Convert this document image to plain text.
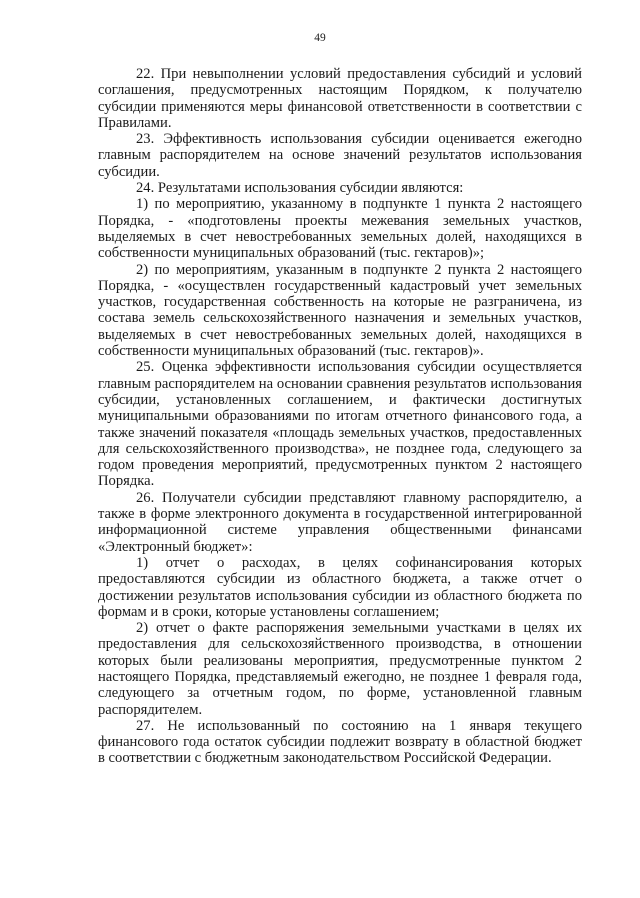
49

22. При невыполнении условий предоставления субсидий и условий соглашения, предусмотренных настоящим Порядком, к получателю субсидии применяются меры финансовой ответственности в соответствии с Правилами.

23. Эффективность использования субсидии оценивается ежегодно главным распорядителем на основе значений результатов использования субсидии.

24. Результатами использования субсидии являются:

1) по мероприятию, указанному в подпункте 1 пункта 2 настоящего Порядка, - «подготовлены проекты межевания земельных участков, выделяемых в счет невостребованных земельных долей, находящихся в собственности муниципальных образований (тыс. гектаров)»;

2) по мероприятиям, указанным в подпункте 2 пункта 2 настоящего Порядка, - «осуществлен государственный кадастровый учет земельных участков, государственная собственность на которые не разграничена, из состава земель сельскохозяйственного назначения и земельных участков, выделяемых в счет невостребованных земельных долей, находящихся в собственности муниципальных образований (тыс. гектаров)».

25. Оценка эффективности использования субсидии осуществляется главным распорядителем на основании сравнения результатов использования субсидии, установленных соглашением, и фактически достигнутых муниципальными образованиями по итогам отчетного финансового года, а также значений показателя «площадь земельных участков, предоставленных для сельскохозяйственного производства», не позднее года, следующего за годом проведения мероприятий, предусмотренных пунктом 2 настоящего Порядка.

26. Получатели субсидии представляют главному распорядителю, а также в форме электронного документа в государственной интегрированной информационной системе управления общественными финансами «Электронный бюджет»:

1) отчет о расходах, в целях софинансирования которых предоставляются субсидии из областного бюджета, а также отчет о достижении результатов использования субсидии из областного бюджета по формам и в сроки, которые установлены соглашением;

2) отчет о факте распоряжения земельными участками в целях их предоставления для сельскохозяйственного производства, в отношении которых были реализованы мероприятия, предусмотренные пунктом 2 настоящего Порядка, представляемый ежегодно, не позднее 1 февраля года, следующего за отчетным годом, по форме, установленной главным распорядителем.

27. Не использованный по состоянию на 1 января текущего финансового года остаток субсидии подлежит возврату в областной бюджет в соответствии с бюджетным законодательством Российской Федерации.
